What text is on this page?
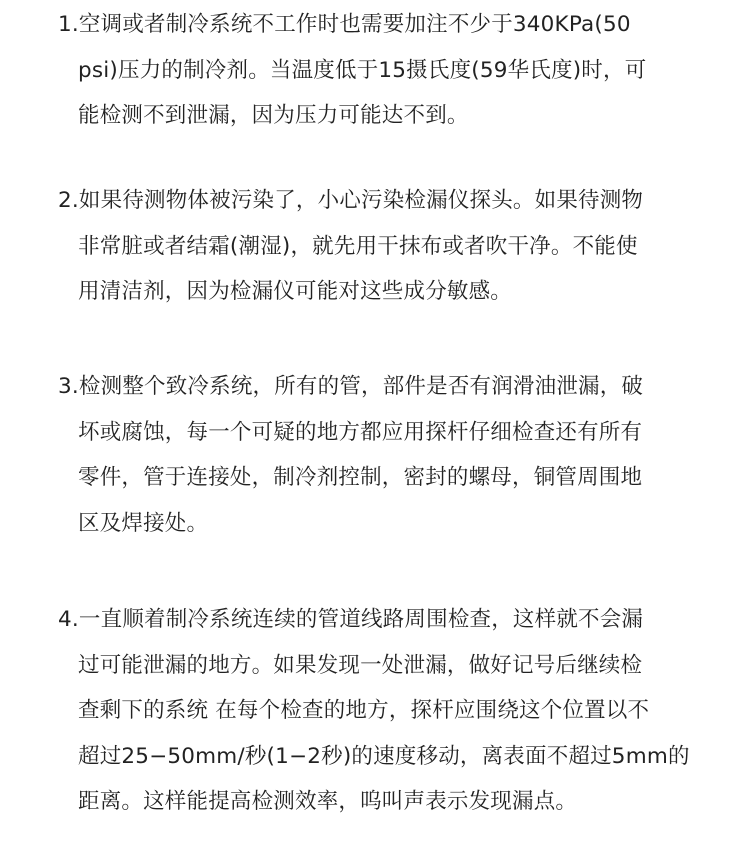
1.空调或者制冷系统不工作时也需要加注不少于340KPa(50
psi)压力的制冷剂。当温度低于15摄氏度(59华氏度)时，可
能检测不到泄漏，因为压力可能达不到。
2.如果待测物体被污染了，小心污染检漏仪探头。如果待测物
非常脏或者结霜(潮湿)，就先用干抹布或者吹干净。不能使
用清洁剂，因为检漏仪可能对这些成分敏感。
3.检测整个致冷系统，所有的管，部件是否有润滑油泄漏，破
坏或腐蚀，每一个可疑的地方都应用探杆仔细检查还有所有
零件，管于连接处，制冷剂控制，密封的螺母，铜管周围地
区及焊接处。
4.一直顺着制冷系统连续的管道线路周围检查，这样就不会漏
过可能泄漏的地方。如果发现一处泄漏，做好记号后继续检
查剩下的系统 在每个检查的地方，探杆应围绕这个位置以不
超过25−50mm/秒(1−2秒)的速度移动，离表面不超过5mm的
距离。这样能提高检测效率，呜叫声表示发现漏点。
